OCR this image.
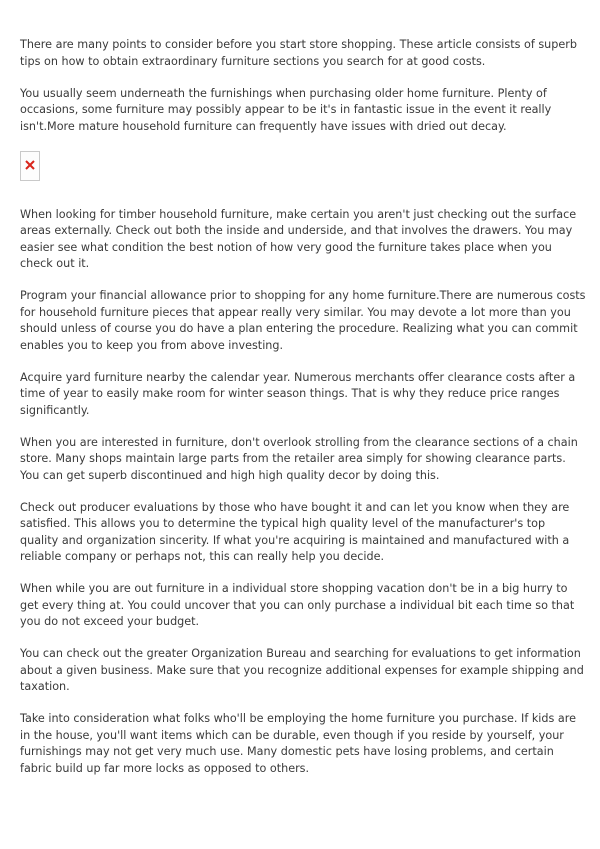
There are many points to consider before you start store shopping. These article consists of superb tips on how to obtain extraordinary furniture sections you search for at good costs.

You usually seem underneath the furnishings when purchasing older home furniture. Plenty of occasions, some furniture may possibly appear to be it's in fantastic issue in the event it really isn't.More mature household furniture can frequently have issues with dried out decay.

When looking for timber household furniture, make certain you aren't just checking out the surface areas externally. Check out both the inside and underside, and that involves the drawers. You may easier see what condition the best notion of how very good the furniture takes place when you check out it.

Program your financial allowance prior to shopping for any home furniture.There are numerous costs for household furniture pieces that appear really very similar. You may devote a lot more than you should unless of course you do have a plan entering the procedure. Realizing what you can commit enables you to keep you from above investing.

Acquire yard furniture nearby the calendar year. Numerous merchants offer clearance costs after a time of year to easily make room for winter season things. That is why they reduce price ranges significantly.

When you are interested in furniture, don't overlook strolling from the clearance sections of a chain store. Many shops maintain large parts from the retailer area simply for showing clearance parts. You can get superb discontinued and high high quality decor by doing this.

Check out producer evaluations by those who have bought it and can let you know when they are satisfied. This allows you to determine the typical high quality level of the manufacturer's top quality and organization sincerity. If what you're acquiring is maintained and manufactured with a reliable company or perhaps not, this can really help you decide.

When while you are out furniture in a individual store shopping vacation don't be in a big hurry to get every thing at. You could uncover that you can only purchase a individual bit each time so that you do not exceed your budget.

You can check out the greater Organization Bureau and searching for evaluations to get information about a given business. Make sure that you recognize additional expenses for example shipping and taxation.

Take into consideration what folks who'll be employing the home furniture you purchase. If kids are in the house, you'll want items which can be durable, even though if you reside by yourself, your furnishings may not get very much use. Many domestic pets have losing problems, and certain fabric build up far more locks as opposed to others.
